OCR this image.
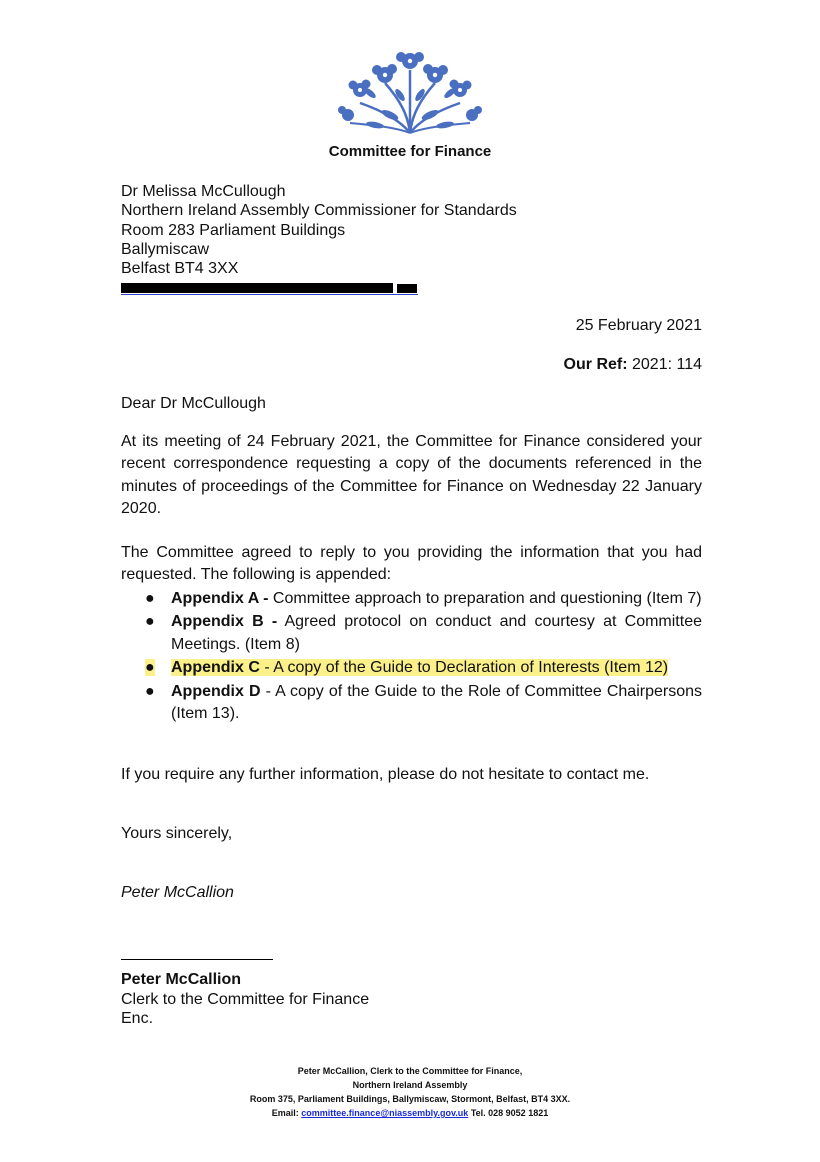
Committee for Finance
Dr Melissa McCullough
Northern Ireland Assembly Commissioner for Standards
Room 283 Parliament Buildings
Ballymiscaw
Belfast BT4 3XX
25 February 2021
Our Ref: 2021: 114
Dear Dr McCullough
At its meeting of 24 February 2021, the Committee for Finance considered your recent correspondence requesting a copy of the documents referenced in the minutes of proceedings of the Committee for Finance on Wednesday 22 January 2020.
The Committee agreed to reply to you providing the information that you had requested. The following is appended:
● Appendix A - Committee approach to preparation and questioning (Item 7)
● Appendix B - Agreed protocol on conduct and courtesy at Committee Meetings. (Item 8)
● Appendix C - A copy of the Guide to Declaration of Interests (Item 12)
● Appendix D - A copy of the Guide to the Role of Committee Chairpersons (Item 13).
If you require any further information, please do not hesitate to contact me.
Yours sincerely,
Peter McCallion
Peter McCallion
Clerk to the Committee for Finance
Enc.
Peter McCallion, Clerk to the Committee for Finance,
Northern Ireland Assembly
Room 375, Parliament Buildings, Ballymiscaw, Stormont, Belfast, BT4 3XX.
Email: committee.finance@niassembly.gov.uk Tel. 028 9052 1821
